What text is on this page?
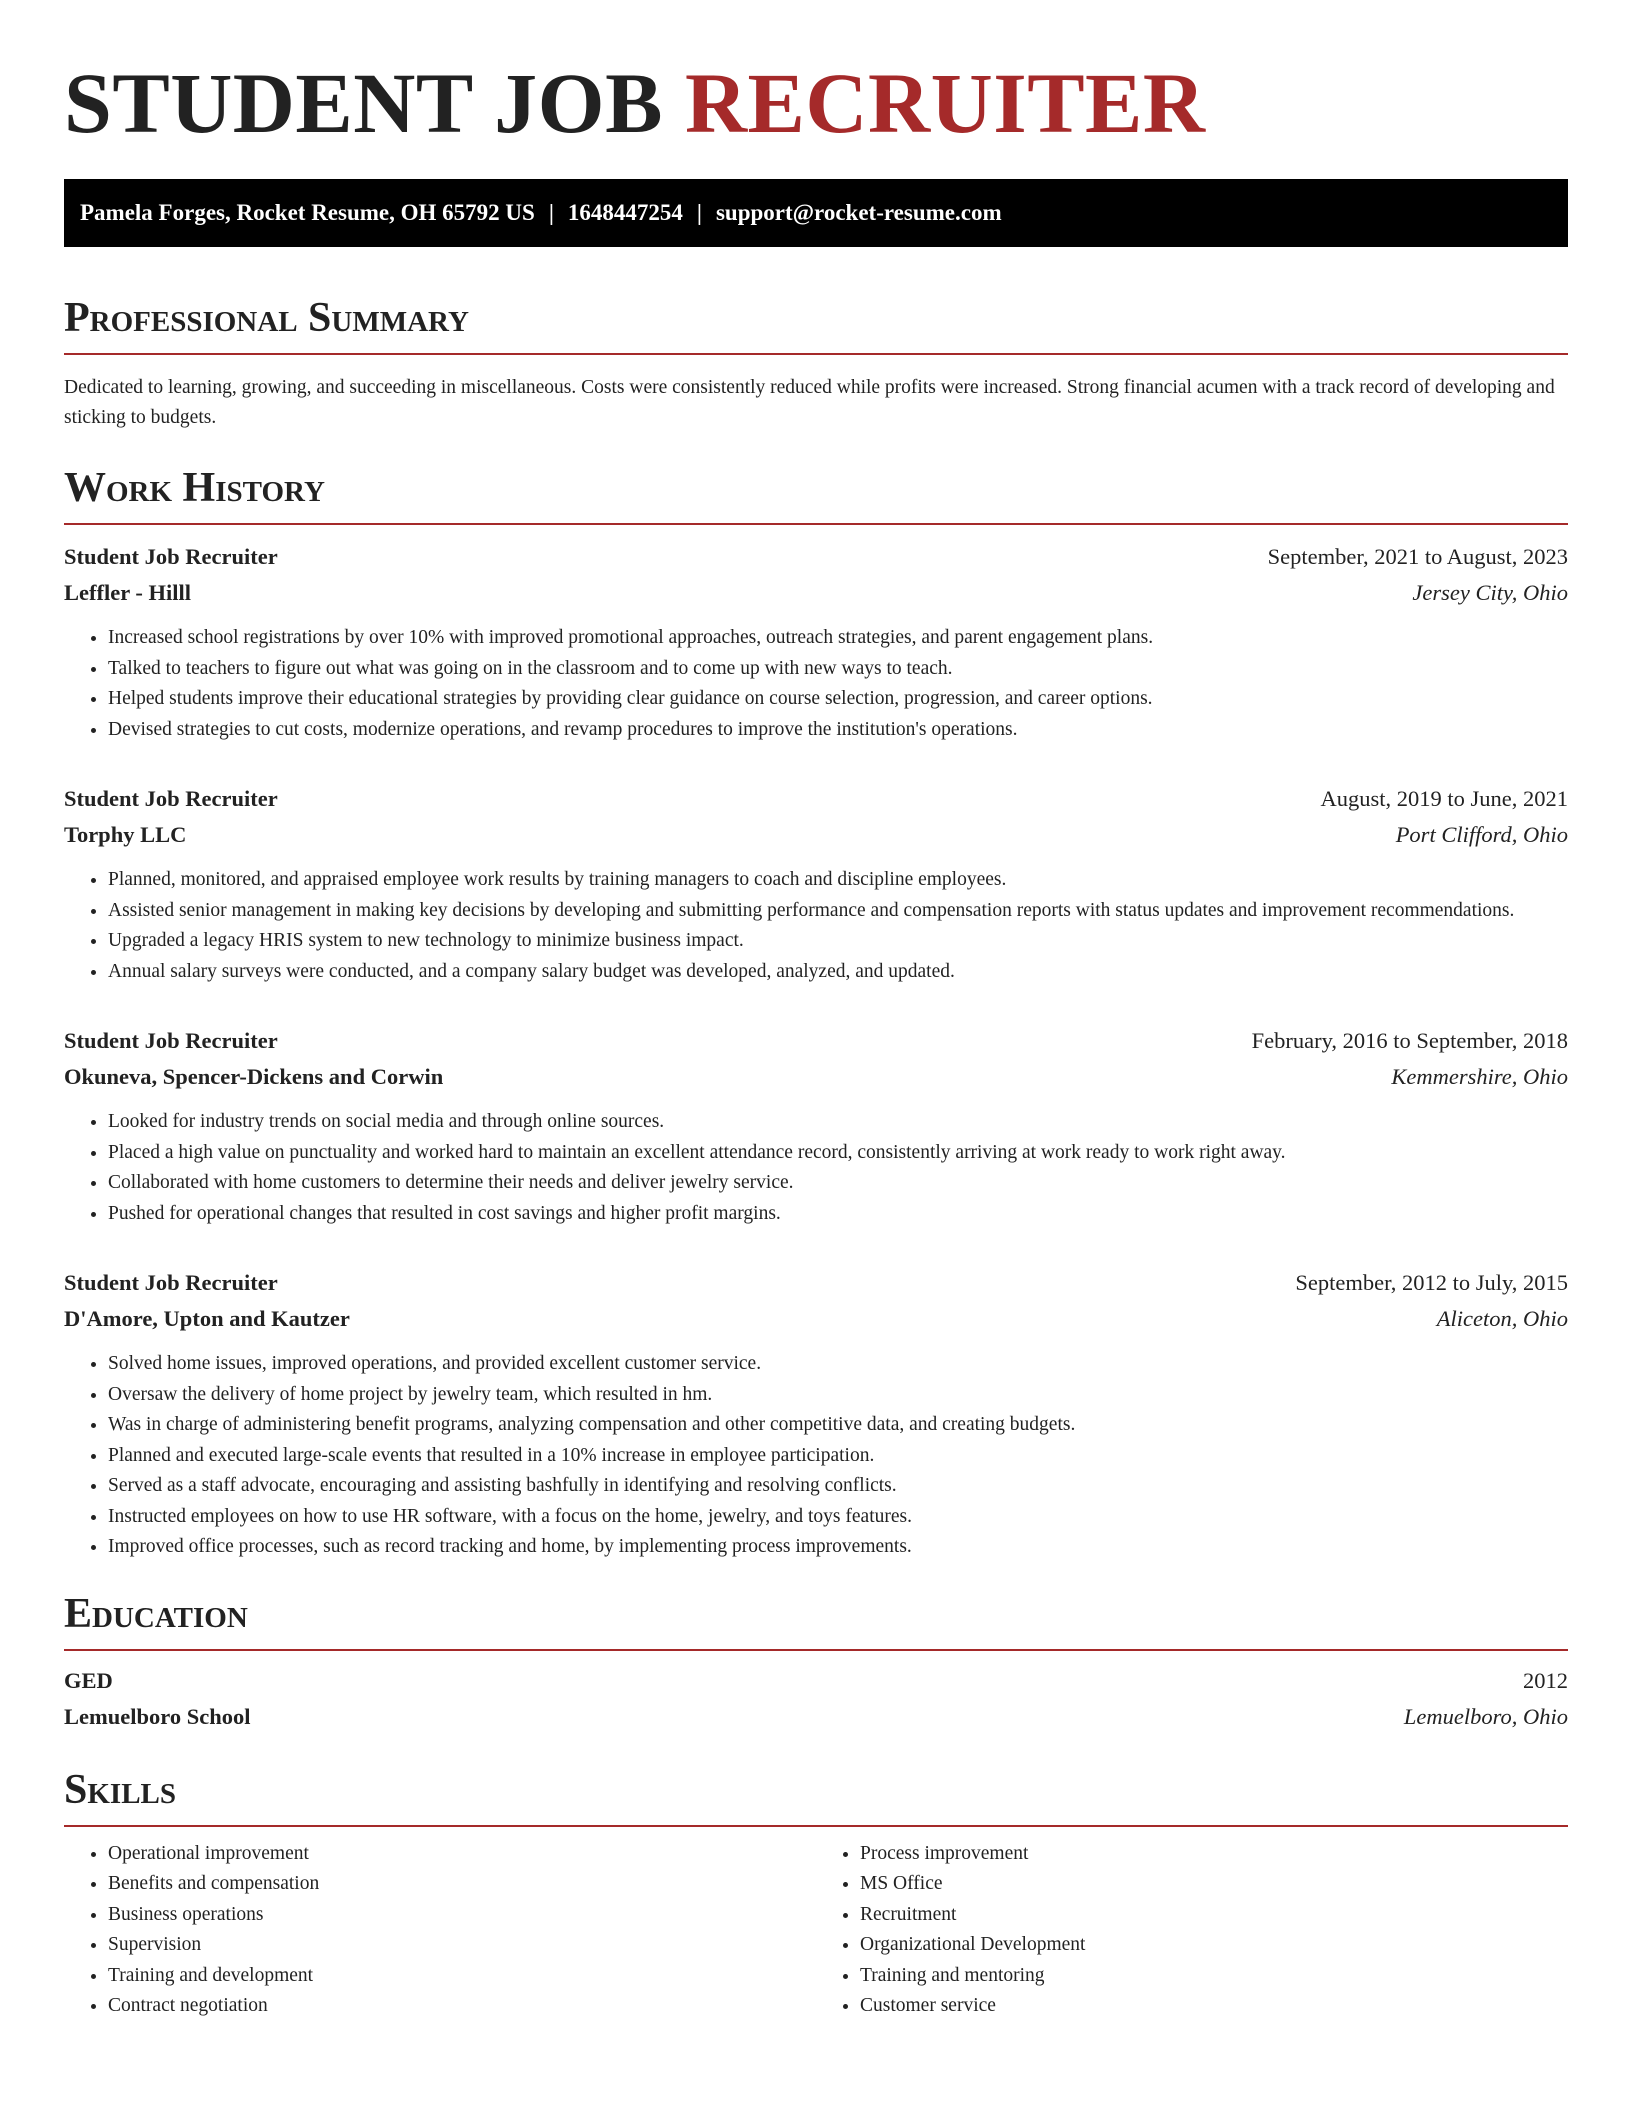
STUDENT JOB RECRUITER
Pamela Forges, Rocket Resume, OH 65792 US | 1648447254 | support@rocket-resume.com
Professional Summary

Dedicated to learning, growing, and succeeding in miscellaneous. Costs were consistently reduced while profits were increased. Strong financial acumen with a track record of developing and sticking to budgets.

Work History
Student Job Recruiter	September, 2021 to August, 2023
Leffler - Hilll	Jersey City, Ohio
• Increased school registrations by over 10% with improved promotional approaches, outreach strategies, and parent engagement plans.
• Talked to teachers to figure out what was going on in the classroom and to come up with new ways to teach.
• Helped students improve their educational strategies by providing clear guidance on course selection, progression, and career options.
• Devised strategies to cut costs, modernize operations, and revamp procedures to improve the institution's operations.
Student Job Recruiter	August, 2019 to June, 2021
Torphy LLC	Port Clifford, Ohio
• Planned, monitored, and appraised employee work results by training managers to coach and discipline employees.
• Assisted senior management in making key decisions by developing and submitting performance and compensation reports with status updates and improvement recommendations.
• Upgraded a legacy HRIS system to new technology to minimize business impact.
• Annual salary surveys were conducted, and a company salary budget was developed, analyzed, and updated.
Student Job Recruiter	February, 2016 to September, 2018
Okuneva, Spencer-Dickens and Corwin	Kemmershire, Ohio
• Looked for industry trends on social media and through online sources.
• Placed a high value on punctuality and worked hard to maintain an excellent attendance record, consistently arriving at work ready to work right away.
• Collaborated with home customers to determine their needs and deliver jewelry service.
• Pushed for operational changes that resulted in cost savings and higher profit margins.
Student Job Recruiter	September, 2012 to July, 2015
D'Amore, Upton and Kautzer	Aliceton, Ohio
• Solved home issues, improved operations, and provided excellent customer service.
• Oversaw the delivery of home project by jewelry team, which resulted in hm.
• Was in charge of administering benefit programs, analyzing compensation and other competitive data, and creating budgets.
• Planned and executed large-scale events that resulted in a 10% increase in employee participation.
• Served as a staff advocate, encouraging and assisting bashfully in identifying and resolving conflicts.
• Instructed employees on how to use HR software, with a focus on the home, jewelry, and toys features.
• Improved office processes, such as record tracking and home, by implementing process improvements.
Education
GED	2012
Lemuelboro School	Lemuelboro, Ohio
Skills
• Operational improvement
• Benefits and compensation
• Business operations
• Supervision
• Training and development
• Contract negotiation
• Process improvement
• MS Office
• Recruitment
• Organizational Development
• Training and mentoring
• Customer service
